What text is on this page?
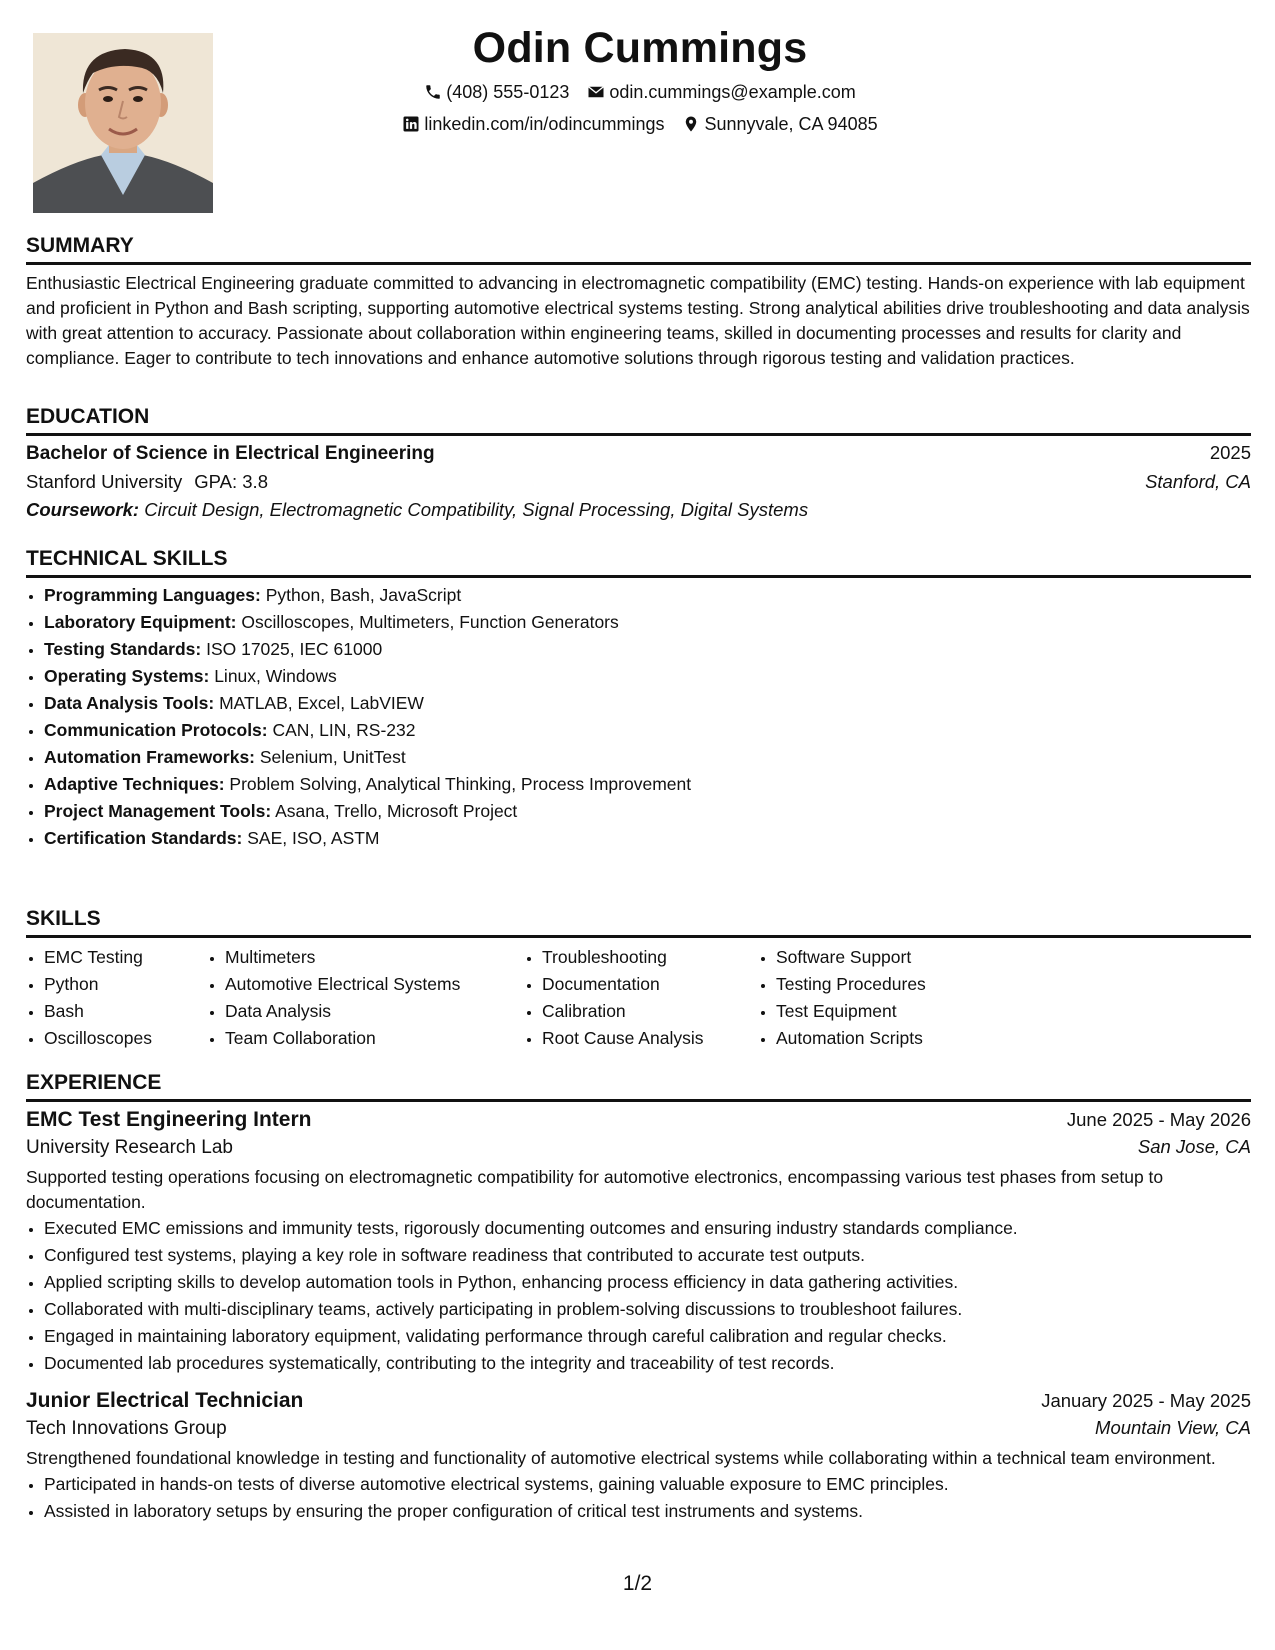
Odin Cummings
(408) 555-0123 odin.cummings@example.com
linkedin.com/in/odincummings Sunnyvale, CA 94085
SUMMARY
Enthusiastic Electrical Engineering graduate committed to advancing in electromagnetic compatibility (EMC) testing. Hands-on experience with lab equipment and proficient in Python and Bash scripting, supporting automotive electrical systems testing. Strong analytical abilities drive troubleshooting and data analysis with great attention to accuracy. Passionate about collaboration within engineering teams, skilled in documenting processes and results for clarity and compliance. Eager to contribute to tech innovations and enhance automotive solutions through rigorous testing and validation practices.
EDUCATION
Bachelor of Science in Electrical Engineering	2025
Stanford University GPA: 3.8	Stanford, CA
Coursework: Circuit Design, Electromagnetic Compatibility, Signal Processing, Digital Systems
TECHNICAL SKILLS
• Programming Languages: Python, Bash, JavaScript
• Laboratory Equipment: Oscilloscopes, Multimeters, Function Generators
• Testing Standards: ISO 17025, IEC 61000
• Operating Systems: Linux, Windows
• Data Analysis Tools: MATLAB, Excel, LabVIEW
• Communication Protocols: CAN, LIN, RS-232
• Automation Frameworks: Selenium, UnitTest
• Adaptive Techniques: Problem Solving, Analytical Thinking, Process Improvement
• Project Management Tools: Asana, Trello, Microsoft Project
• Certification Standards: SAE, ISO, ASTM
SKILLS
• EMC Testing
• Python
• Bash
• Oscilloscopes
• Multimeters
• Automotive Electrical Systems
• Data Analysis
• Team Collaboration
• Troubleshooting
• Documentation
• Calibration
• Root Cause Analysis
• Software Support
• Testing Procedures
• Test Equipment
• Automation Scripts
EXPERIENCE
EMC Test Engineering Intern	June 2025 - May 2026
University Research Lab	San Jose, CA
Supported testing operations focusing on electromagnetic compatibility for automotive electronics, encompassing various test phases from setup to documentation.
• Executed EMC emissions and immunity tests, rigorously documenting outcomes and ensuring industry standards compliance.
• Configured test systems, playing a key role in software readiness that contributed to accurate test outputs.
• Applied scripting skills to develop automation tools in Python, enhancing process efficiency in data gathering activities.
• Collaborated with multi-disciplinary teams, actively participating in problem-solving discussions to troubleshoot failures.
• Engaged in maintaining laboratory equipment, validating performance through careful calibration and regular checks.
• Documented lab procedures systematically, contributing to the integrity and traceability of test records.
Junior Electrical Technician	January 2025 - May 2025
Tech Innovations Group	Mountain View, CA
Strengthened foundational knowledge in testing and functionality of automotive electrical systems while collaborating within a technical team environment.
• Participated in hands-on tests of diverse automotive electrical systems, gaining valuable exposure to EMC principles.
• Assisted in laboratory setups by ensuring the proper configuration of critical test instruments and systems.
1/2
